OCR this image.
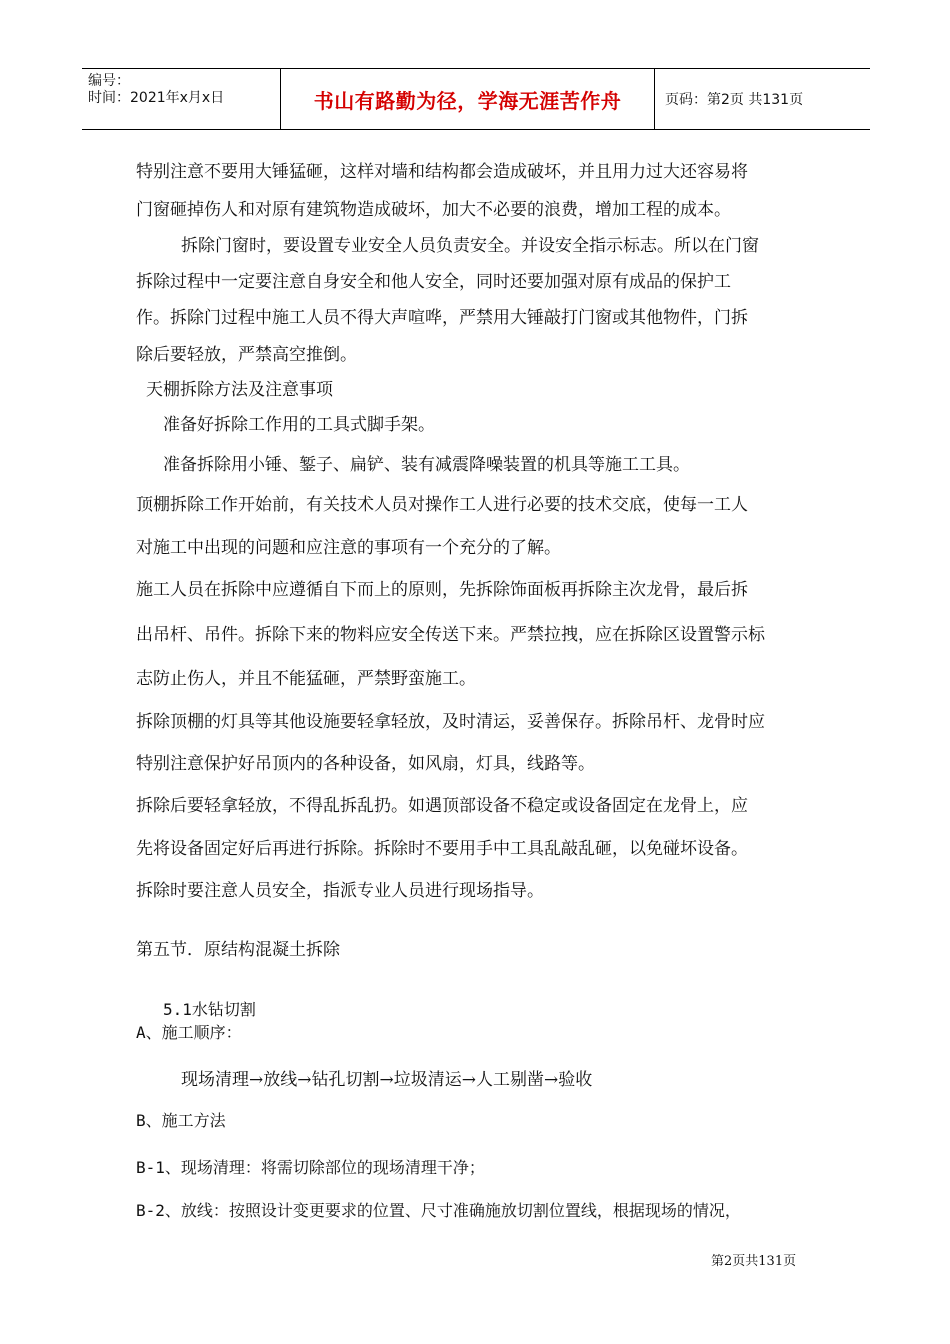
编号：
时间：2021年x月x日	书山有路勤为径，学海无涯苦作舟	页码：第2页 共131页
特别注意不要用大锤猛砸，这样对墙和结构都会造成破坏，并且用力过大还容易将
门窗砸掉伤人和对原有建筑物造成破坏，加大不必要的浪费，增加工程的成本。
拆除门窗时，要设置专业安全人员负责安全。并设安全指示标志。所以在门窗
拆除过程中一定要注意自身安全和他人安全，同时还要加强对原有成品的保护工
作。拆除门过程中施工人员不得大声喧哗，严禁用大锤敲打门窗或其他物件，门拆
除后要轻放，严禁高空推倒。
天棚拆除方法及注意事项
准备好拆除工作用的工具式脚手架。
准备拆除用小锤、錾子、扁铲、装有减震降噪装置的机具等施工工具。
顶棚拆除工作开始前，有关技术人员对操作工人进行必要的技术交底，使每一工人
对施工中出现的问题和应注意的事项有一个充分的了解。
施工人员在拆除中应遵循自下而上的原则，先拆除饰面板再拆除主次龙骨，最后拆
出吊杆、吊件。拆除下来的物料应安全传送下来。严禁拉拽，应在拆除区设置警示标
志防止伤人，并且不能猛砸，严禁野蛮施工。
拆除顶棚的灯具等其他设施要轻拿轻放，及时清运，妥善保存。拆除吊杆、龙骨时应
特别注意保护好吊顶内的各种设备，如风扇，灯具，线路等。
拆除后要轻拿轻放，不得乱拆乱扔。如遇顶部设备不稳定或设备固定在龙骨上，应
先将设备固定好后再进行拆除。拆除时不要用手中工具乱敲乱砸，以免碰坏设备。
拆除时要注意人员安全，指派专业人员进行现场指导。
第五节．原结构混凝土拆除
5.1水钻切割
A、施工顺序：
现场清理→放线→钻孔切割→垃圾清运→人工剔凿→验收
B、施工方法
B-1、现场清理：将需切除部位的现场清理干净；
B-2、放线：按照设计变更要求的位置、尺寸准确施放切割位置线，根据现场的情况，
第2页共131页
